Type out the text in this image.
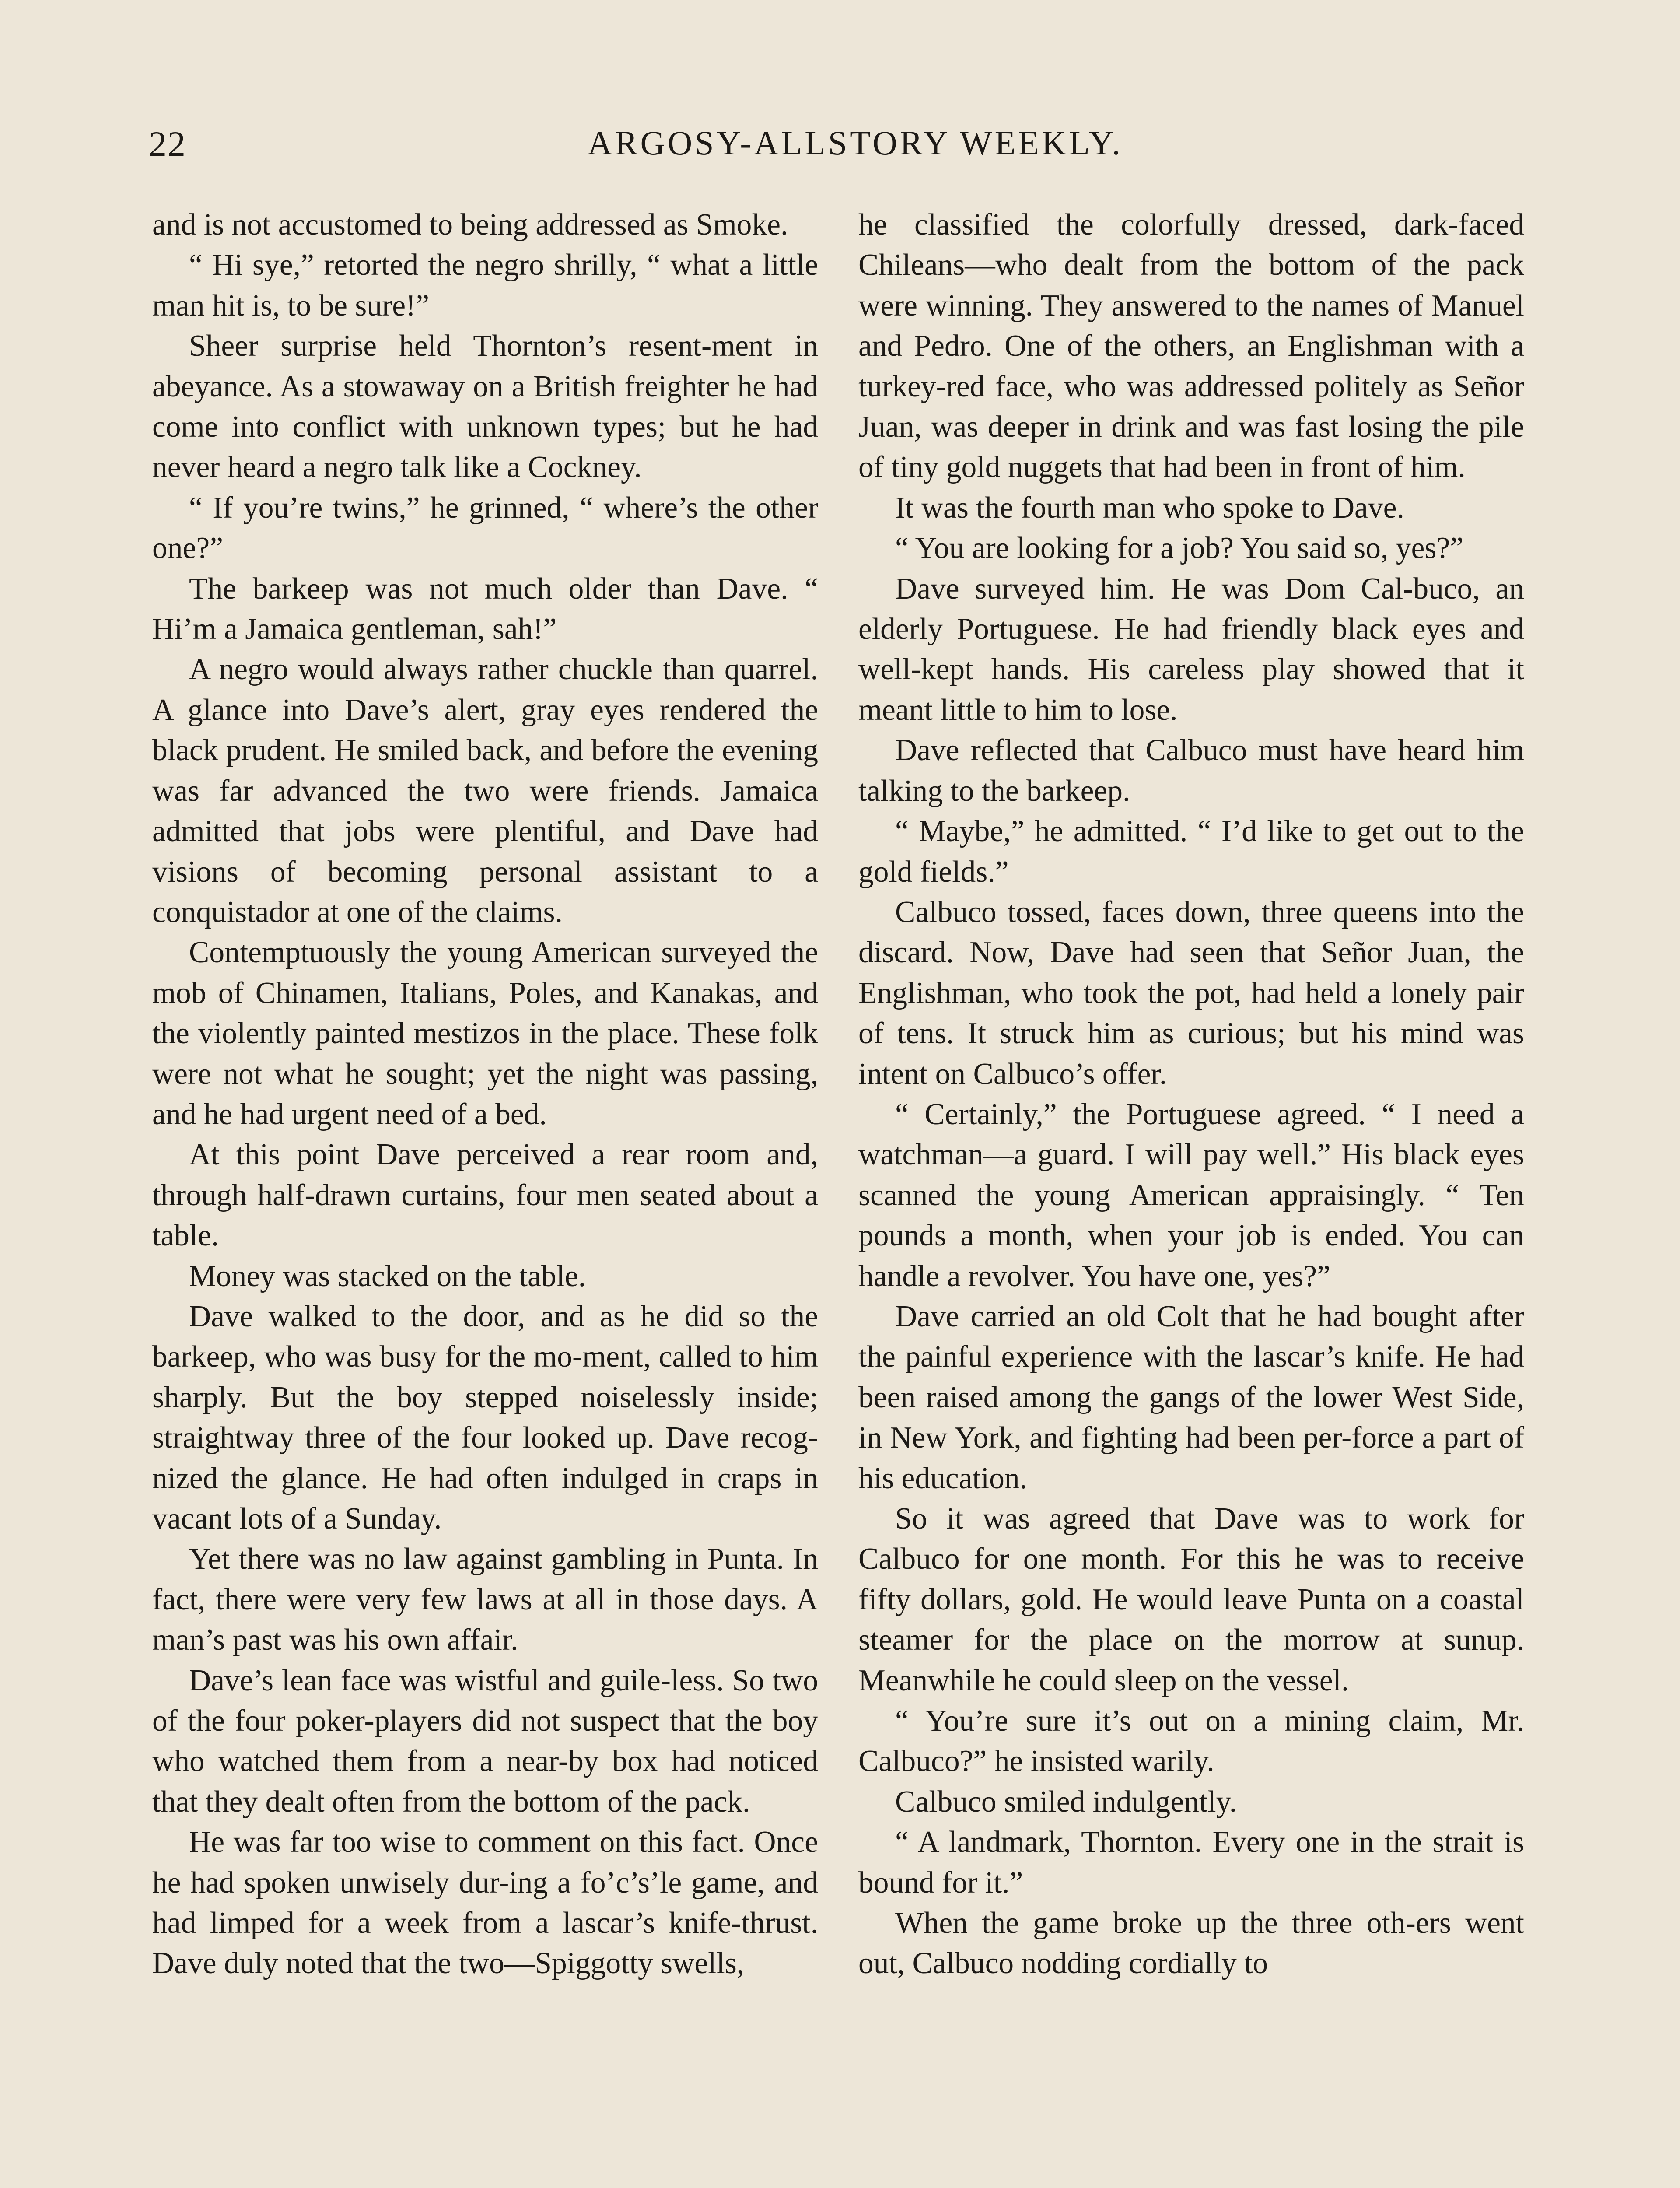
22	ARGOSY-ALLSTORY WEEKLY.

and is not accustomed to being addressed as Smoke.

“ Hi sye,” retorted the negro shrilly, “ what a little man hit is, to be sure!”

Sheer surprise held Thornton’s resent-ment in abeyance. As a stowaway on a British freighter he had come into conflict with unknown types; but he had never heard a negro talk like a Cockney.

“ If you’re twins,” he grinned, “ where’s the other one?”

The barkeep was not much older than Dave. “ Hi’m a Jamaica gentleman, sah!”

A negro would always rather chuckle than quarrel. A glance into Dave’s alert, gray eyes rendered the black prudent. He smiled back, and before the evening was far advanced the two were friends. Jamaica admitted that jobs were plentiful, and Dave had visions of becoming personal assistant to a conquistador at one of the claims.

Contemptuously the young American surveyed the mob of Chinamen, Italians, Poles, and Kanakas, and the violently painted mestizos in the place. These folk were not what he sought; yet the night was passing, and he had urgent need of a bed.

At this point Dave perceived a rear room and, through half-drawn curtains, four men seated about a table.

Money was stacked on the table.

Dave walked to the door, and as he did so the barkeep, who was busy for the mo-ment, called to him sharply. But the boy stepped noiselessly inside; straightway three of the four looked up. Dave recog-nized the glance. He had often indulged in craps in vacant lots of a Sunday.

Yet there was no law against gambling in Punta. In fact, there were very few laws at all in those days. A man’s past was his own affair.

Dave’s lean face was wistful and guile-less. So two of the four poker-players did not suspect that the boy who watched them from a near-by box had noticed that they dealt often from the bottom of the pack.

He was far too wise to comment on this fact. Once he had spoken unwisely dur-ing a fo’c’s’le game, and had limped for a week from a lascar’s knife-thrust. Dave duly noted that the two—Spiggotty swells,

he classified the colorfully dressed, dark-faced Chileans—who dealt from the bottom of the pack were winning. They answered to the names of Manuel and Pedro. One of the others, an Englishman with a turkey-red face, who was addressed politely as Señor Juan, was deeper in drink and was fast losing the pile of tiny gold nuggets that had been in front of him.

It was the fourth man who spoke to Dave.

“ You are looking for a job? You said so, yes?”

Dave surveyed him. He was Dom Cal-buco, an elderly Portuguese. He had friendly black eyes and well-kept hands. His careless play showed that it meant little to him to lose.

Dave reflected that Calbuco must have heard him talking to the barkeep.

“ Maybe,” he admitted. “ I’d like to get out to the gold fields.”

Calbuco tossed, faces down, three queens into the discard. Now, Dave had seen that Señor Juan, the Englishman, who took the pot, had held a lonely pair of tens. It struck him as curious; but his mind was intent on Calbuco’s offer.

“ Certainly,” the Portuguese agreed. “ I need a watchman—a guard. I will pay well.” His black eyes scanned the young American appraisingly. “ Ten pounds a month, when your job is ended. You can handle a revolver. You have one, yes?”

Dave carried an old Colt that he had bought after the painful experience with the lascar’s knife. He had been raised among the gangs of the lower West Side, in New York, and fighting had been per-force a part of his education.

So it was agreed that Dave was to work for Calbuco for one month. For this he was to receive fifty dollars, gold. He would leave Punta on a coastal steamer for the place on the morrow at sunup. Meanwhile he could sleep on the vessel.

“ You’re sure it’s out on a mining claim, Mr. Calbuco?” he insisted warily.

Calbuco smiled indulgently.

“ A landmark, Thornton. Every one in the strait is bound for it.”

When the game broke up the three oth-ers went out, Calbuco nodding cordially to
